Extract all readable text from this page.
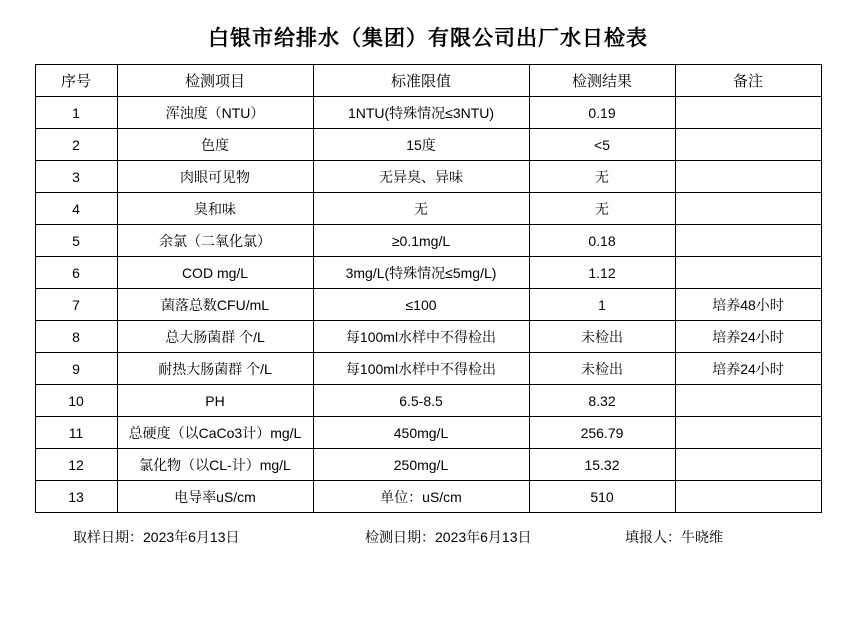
白银市给排水（集团）有限公司出厂水日检表
序号	检测项目	标准限值	检测结果	备注
1	浑浊度（NTU）	1NTU(特殊情况≤3NTU)	0.19	
2	色度	15度	<5	
3	肉眼可见物	无异臭、异味	无	
4	臭和味	无	无	
5	余氯（二氧化氯）	≥0.1mg/L	0.18	
6	COD mg/L	3mg/L(特殊情况≤5mg/L)	1.12	
7	菌落总数CFU/mL	≤100	1	培养48小时
8	总大肠菌群 个/L	每100ml水样中不得检出	未检出	培养24小时
9	耐热大肠菌群 个/L	每100ml水样中不得检出	未检出	培养24小时
10	PH	6.5-8.5	8.32	
11	总硬度（以CaCo3计）mg/L	450mg/L	256.79	
12	氯化物（以CL-计）mg/L	250mg/L	15.32	
13	电导率uS/cm	单位：uS/cm	510	
取样日期：2023年6月13日	检测日期：2023年6月13日	填报人：牛晓维
